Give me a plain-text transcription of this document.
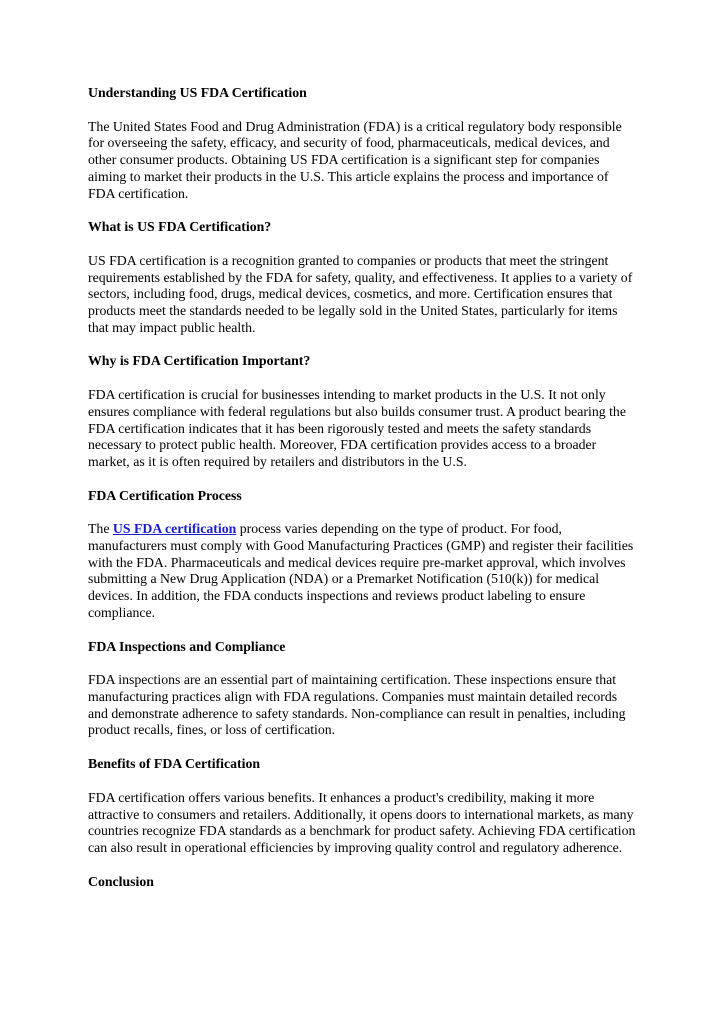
Understanding US FDA Certification

The United States Food and Drug Administration (FDA) is a critical regulatory body responsible for overseeing the safety, efficacy, and security of food, pharmaceuticals, medical devices, and other consumer products. Obtaining US FDA certification is a significant step for companies aiming to market their products in the U.S. This article explains the process and importance of FDA certification.

What is US FDA Certification?

US FDA certification is a recognition granted to companies or products that meet the stringent requirements established by the FDA for safety, quality, and effectiveness. It applies to a variety of sectors, including food, drugs, medical devices, cosmetics, and more. Certification ensures that products meet the standards needed to be legally sold in the United States, particularly for items that may impact public health.

Why is FDA Certification Important?

FDA certification is crucial for businesses intending to market products in the U.S. It not only ensures compliance with federal regulations but also builds consumer trust. A product bearing the FDA certification indicates that it has been rigorously tested and meets the safety standards necessary to protect public health. Moreover, FDA certification provides access to a broader market, as it is often required by retailers and distributors in the U.S.

FDA Certification Process

The US FDA certification process varies depending on the type of product. For food, manufacturers must comply with Good Manufacturing Practices (GMP) and register their facilities with the FDA. Pharmaceuticals and medical devices require pre-market approval, which involves submitting a New Drug Application (NDA) or a Premarket Notification (510(k)) for medical devices. In addition, the FDA conducts inspections and reviews product labeling to ensure compliance.

FDA Inspections and Compliance

FDA inspections are an essential part of maintaining certification. These inspections ensure that manufacturing practices align with FDA regulations. Companies must maintain detailed records and demonstrate adherence to safety standards. Non-compliance can result in penalties, including product recalls, fines, or loss of certification.

Benefits of FDA Certification

FDA certification offers various benefits. It enhances a product's credibility, making it more attractive to consumers and retailers. Additionally, it opens doors to international markets, as many countries recognize FDA standards as a benchmark for product safety. Achieving FDA certification can also result in operational efficiencies by improving quality control and regulatory adherence.

Conclusion
